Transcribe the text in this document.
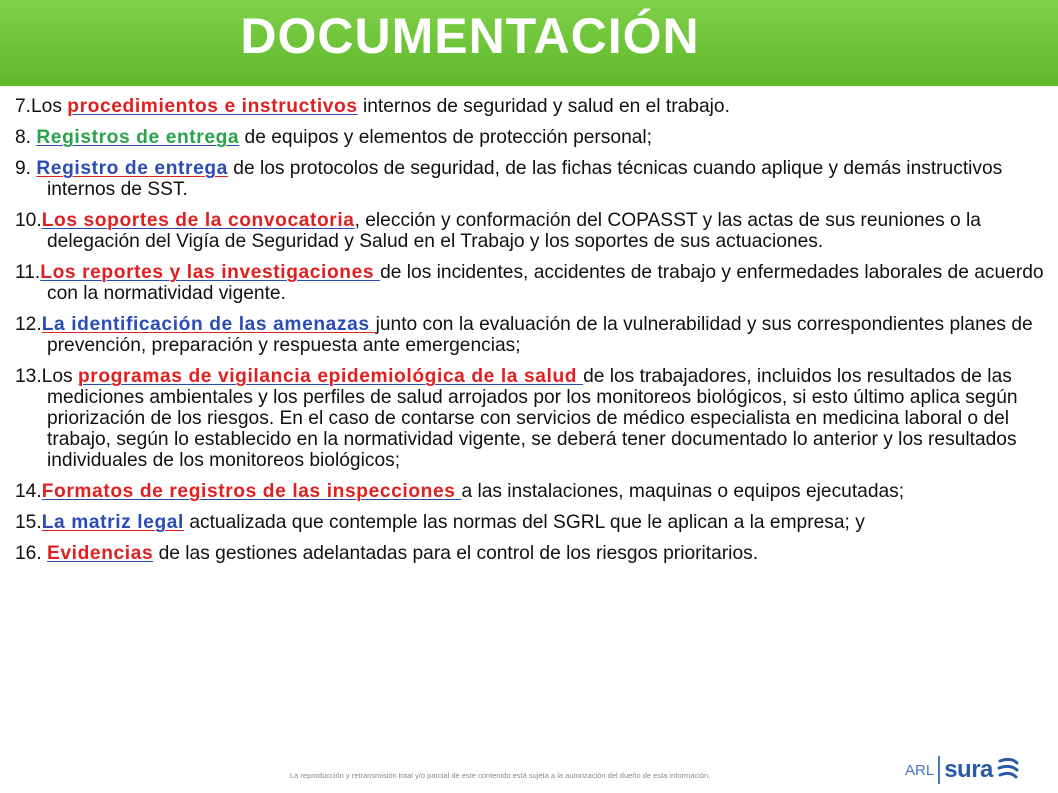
DOCUMENTACIÓN

7.Los procedimientos e instructivos internos de seguridad y salud en el trabajo.

8. Registros de entrega de equipos y elementos de protección personal;

9. Registro de entrega de los protocolos de seguridad, de las fichas técnicas cuando aplique y demás instructivos internos de SST.

10.Los soportes de la convocatoria, elección y conformación del COPASST y las actas de sus reuniones o la delegación del Vigía de Seguridad y Salud en el Trabajo y los soportes de sus actuaciones.

11.Los reportes y las investigaciones de los incidentes, accidentes de trabajo y enfermedades laborales de acuerdo con la normatividad vigente.

12.La identificación de las amenazas junto con la evaluación de la vulnerabilidad y sus correspondientes planes de prevención, preparación y respuesta ante emergencias;

13.Los programas de vigilancia epidemiológica de la salud de los trabajadores, incluidos los resultados de las mediciones ambientales y los perfiles de salud arrojados por los monitoreos biológicos, si esto último aplica según priorización de los riesgos. En el caso de contarse con servicios de médico especialista en medicina laboral o del trabajo, según lo establecido en la normatividad vigente, se deberá tener documentado lo anterior y los resultados individuales de los monitoreos biológicos;

14.Formatos de registros de las inspecciones a las instalaciones, maquinas o equipos ejecutadas;

15.La matriz legal actualizada que contemple las normas del SGRL que le aplican a la empresa; y

16. Evidencias de las gestiones adelantadas para el control de los riesgos prioritarios.

La reproducción y retransmisión total y/o parcial de este contenido está sujeta a la autorización del dueño de esta información.	ARL sura
